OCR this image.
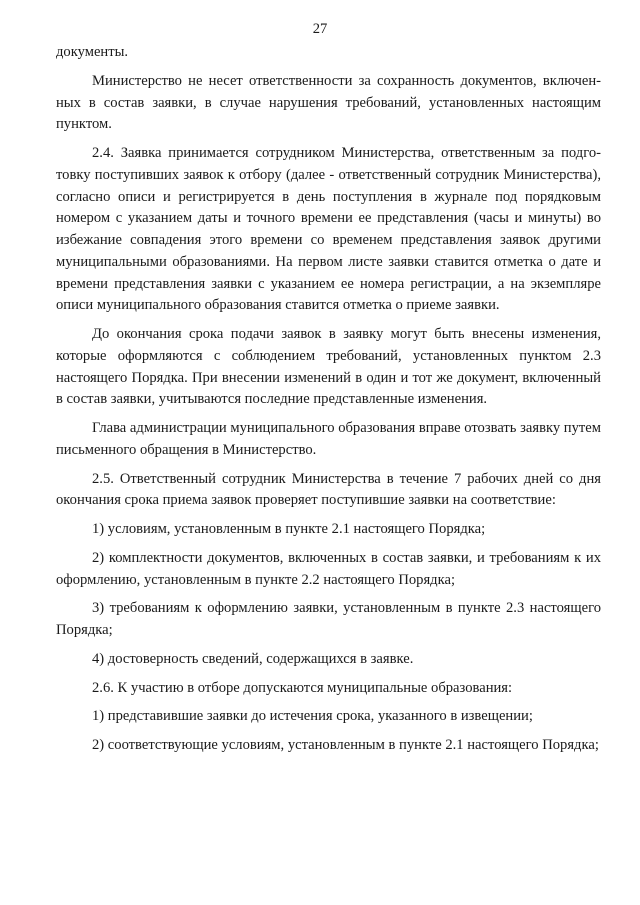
27

документы.

Министерство не несет ответственности за сохранность документов, включенных в состав заявки, в случае нарушения требований, установленных настоящим пунктом.

2.4. Заявка принимается сотрудником Министерства, ответственным за подготовку поступивших заявок к отбору (далее - ответственный сотрудник Министерства), согласно описи и регистрируется в день поступления в журнале под порядковым номером с указанием даты и точного времени ее представления (часы и минуты) во избежание совпадения этого времени со временем представления заявок другими муниципальными образованиями. На первом листе заявки ставится отметка о дате и времени представления заявки с указанием ее номера регистрации, а на экземпляре описи муниципального образования ставится отметка о приеме заявки.

До окончания срока подачи заявок в заявку могут быть внесены изменения, которые оформляются с соблюдением требований, установленных пунктом 2.3 настоящего Порядка. При внесении изменений в один и тот же документ, включенный в состав заявки, учитываются последние представленные изменения.

Глава администрации муниципального образования вправе отозвать заявку путем письменного обращения в Министерство.

2.5. Ответственный сотрудник Министерства в течение 7 рабочих дней со дня окончания срока приема заявок проверяет поступившие заявки на соответствие:

1) условиям, установленным в пункте 2.1 настоящего Порядка;

2) комплектности документов, включенных в состав заявки, и требованиям к их оформлению, установленным в пункте 2.2 настоящего Порядка;

3) требованиям к оформлению заявки, установленным в пункте 2.3 настоящего Порядка;

4) достоверность сведений, содержащихся в заявке.

2.6. К участию в отборе допускаются муниципальные образования:

1) представившие заявки до истечения срока, указанного в извещении;

2) соответствующие условиям, установленным в пункте 2.1 настоящего Порядка;
